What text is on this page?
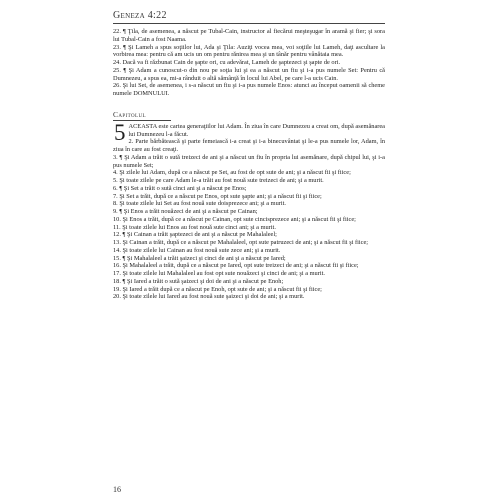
Geneza 4:22

22. ¶ Ţila, de asemenea, a născut pe Tubal-Cain, instructor al fiecărui meşteşugar în aramă şi fier; şi sora lui Tubal-Cain a fost Naama.

23. ¶ Şi Lameh a spus soţiilor lui, Ada şi Ţila: Auziţi vocea mea, voi soţiile lui Lameh, daţi ascultare la vorbirea mea: pentru că am ucis un om pentru rănirea mea şi un tânăr pentru vânătaia mea.

24. Dacă va fi răzbunat Cain de şapte ori, cu adevărat, Lameh de şaptezeci şi şapte de ori.

25. ¶ Şi Adam a cunoscut-o din nou pe soţia lui şi ea a născut un fiu şi i-a pus numele Set: Pentru că Dumnezeu, a spus ea, mi-a rânduit o altă sămânţă în locul lui Abel, pe care l-a ucis Cain.

26. Şi lui Set, de asemenea, i s-a născut un fiu şi i-a pus numele Enos: atunci au început oamenii să cheme numele DOMNULUI.

Capitolul
5 ACEASTA este cartea generaţiilor lui Adam. În ziua în care Dumnezeu a creat om, după asemănarea lui Dumnezeu l-a făcut.

2. Parte bărbătească şi parte femeiască i-a creat şi i-a binecuvântat şi le-a pus numele lor, Adam, în ziua în care au fost creaţi.

3. ¶ Şi Adam a trăit o sută treizeci de ani şi a născut un fiu în propria lui asemănare, după chipul lui, şi i-a pus numele Set;

4. Şi zilele lui Adam, după ce a născut pe Set, au fost de opt sute de ani; şi a născut fii şi fiice;

5. Şi toate zilele pe care Adam le-a trăit au fost nouă sute treizeci de ani; şi a murit.

6. ¶ Şi Set a trăit o sută cinci ani şi a născut pe Enos;

7. Şi Set a trăit, după ce a născut pe Enos, opt sute şapte ani; şi a născut fii şi fiice;

8. Şi toate zilele lui Set au fost nouă sute doisprezece ani; şi a murit.

9. ¶ Şi Enos a trăit nouăzeci de ani şi a născut pe Cainan;

10. Şi Enos a trăit, după ce a născut pe Cainan, opt sute cincisprezece ani; şi a născut fii şi fiice;

11. Şi toate zilele lui Enos au fost nouă sute cinci ani; şi a murit.

12. ¶ Şi Cainan a trăit şaptezeci de ani şi a născut pe Mahalaleel;

13. Şi Cainan a trăit, după ce a născut pe Mahalaleel, opt sute patruzeci de ani; şi a născut fii şi fiice;

14. Şi toate zilele lui Cainan au fost nouă sute zece ani; şi a murit.

15. ¶ Şi Mahalaleel a trăit şaizeci şi cinci de ani şi a născut pe Iared;

16. Şi Mahalaleel a trăit, după ce a născut pe Iared, opt sute treizeci de ani; şi a născut fii şi fiice;

17. Şi toate zilele lui Mahalaleel au fost opt sute nouăzeci şi cinci de ani; şi a murit.

18. ¶ Şi Iared a trăit o sută şaizeci şi doi de ani şi a născut pe Enoh;

19. Şi Iared a trăit după ce a născut pe Enoh, opt sute de ani; şi a născut fii şi fiice;

20. Şi toate zilele lui Iared au fost nouă sute şaizeci şi doi de ani; şi a murit.

16
